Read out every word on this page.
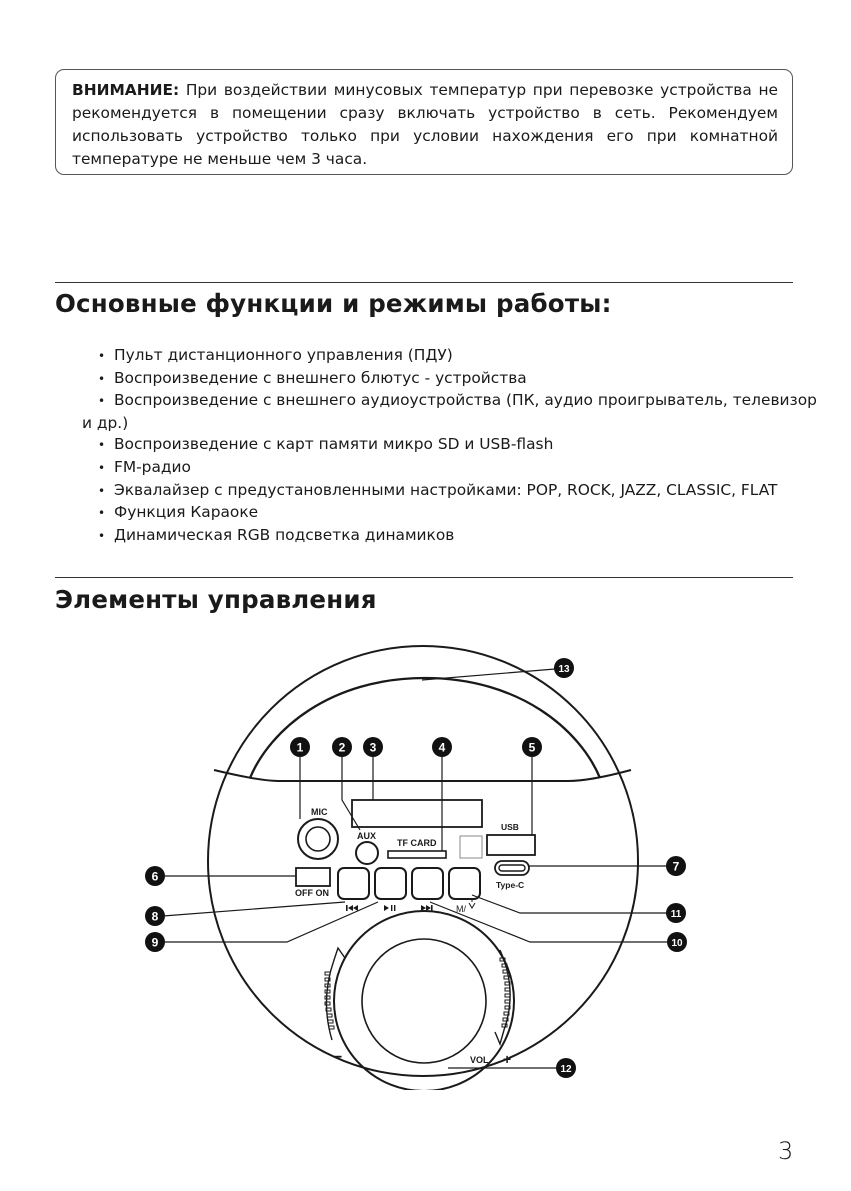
ВНИМАНИЕ: При воздействии минусовых температур при перевозке устройства не рекомендуется в помещении сразу включать устройство в сеть. Рекомендуем использовать устройство только при условии нахождения его при комнатной температуре не меньше чем 3 часа.

Основные функции и режимы работы:
• Пульт дистанционного управления (ПДУ)
• Воспроизведение с внешнего блютус - устройства
• Воспроизведение с внешнего аудиоустройства (ПК, аудио проигрыватель, телевизор
и др.)
• Воспроизведение с карт памяти микро SD и USB-flash
• FM-радио
• Эквалайзер с предустановленными настройками: POP, ROCK, JAZZ, CLASSIC, FLAT
• Функция Караоке
• Динамическая RGB подсветка динамиков
Элементы управления
MIC
AUX
TF CARD
USB
OFF ON
Type-C
M/
VOL +
−
1	2 3	4	5
6
7
8
9	10
11
12
13
3
